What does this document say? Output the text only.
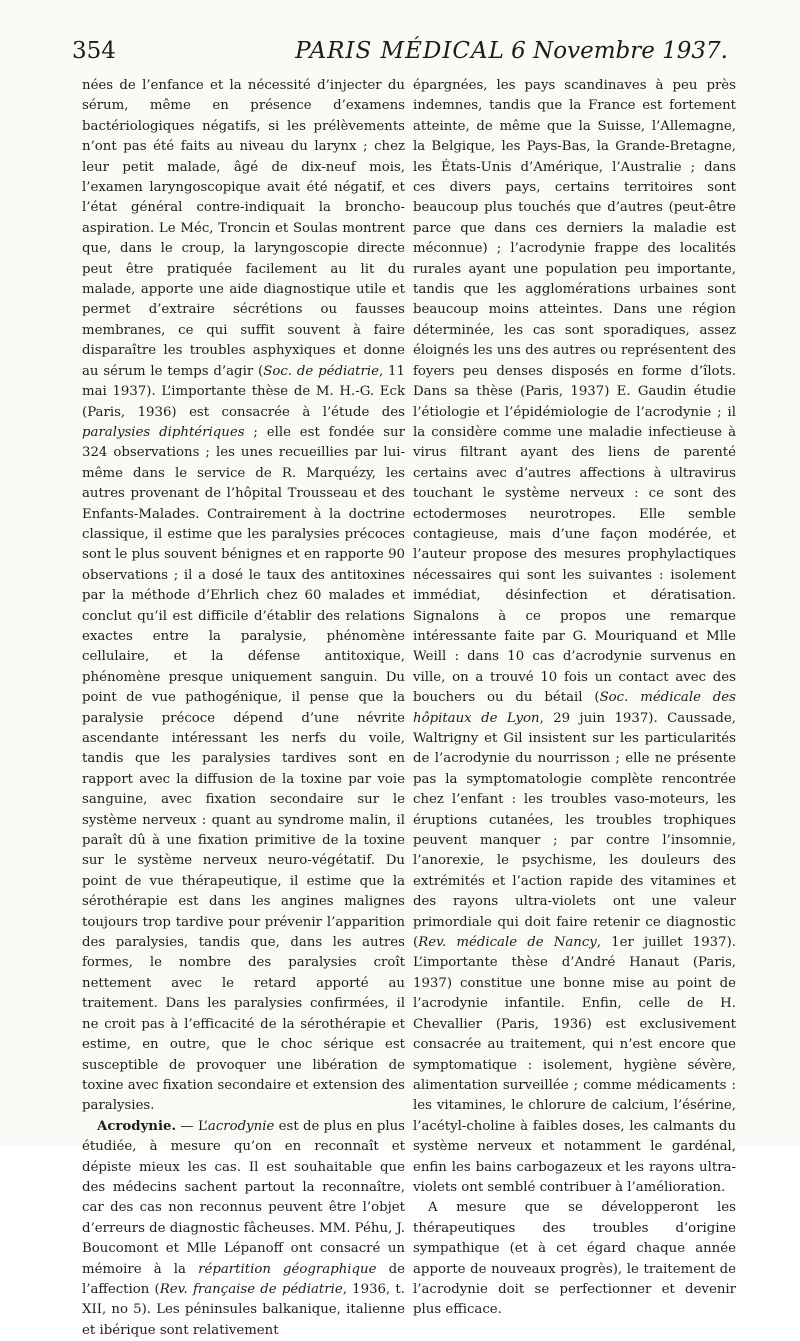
PARIS MÉDICAL
354	6 Novembre 1937.

nées de l’enfance et la nécessité d’injecter du sérum, même en présence d’examens bactériologiques négatifs, si les prélèvements n’ont pas été faits au niveau du larynx ; chez leur petit malade, âgé de dix-neuf mois, l’examen laryngoscopique avait été négatif, et l’état général contre-indiquait la broncho-aspiration. Le Méc, Troncin et Soulas montrent que, dans le croup, la laryngoscopie directe peut être pratiquée facilement au lit du malade, apporte une aide diagnostique utile et permet d’extraire sécrétions ou fausses membranes, ce qui suffit souvent à faire disparaître les troubles asphyxiques et donne au sérum le temps d’agir (Soc. de pédiatrie, 11 mai 1937). L’importante thèse de M. H.-G. Eck (Paris, 1936) est consacrée à l’étude des paralysies diphtériques ; elle est fondée sur 324 observations ; les unes recueillies par lui-même dans le service de R. Marquézy, les autres provenant de l’hôpital Trousseau et des Enfants-Malades. Contrairement à la doctrine classique, il estime que les paralysies précoces sont le plus souvent bénignes et en rapporte 90 observations ; il a dosé le taux des antitoxines par la méthode d’Ehrlich chez 60 malades et conclut qu’il est difficile d’établir des relations exactes entre la paralysie, phénomène cellulaire, et la défense antitoxique, phénomène presque uniquement sanguin. Du point de vue pathogénique, il pense que la paralysie précoce dépend d’une névrite ascendante intéressant les nerfs du voile, tandis que les paralysies tardives sont en rapport avec la diffusion de la toxine par voie sanguine, avec fixation secondaire sur le système nerveux : quant au syndrome malin, il paraît dû à une fixation primitive de la toxine sur le système nerveux neuro-végétatif. Du point de vue thérapeutique, il estime que la sérothérapie est dans les angines malignes toujours trop tardive pour prévenir l’apparition des paralysies, tandis que, dans les autres formes, le nombre des paralysies croît nettement avec le retard apporté au traitement. Dans les paralysies confirmées, il ne croit pas à l’efficacité de la sérothérapie et estime, en outre, que le choc sérique est susceptible de provoquer une libération de toxine avec fixation secondaire et extension des paralysies.

Acrodynie. — L’acrodynie est de plus en plus étudiée, à mesure qu’on en reconnaît et dépiste mieux les cas. Il est souhaitable que des médecins sachent partout la reconnaître, car des cas non reconnus peuvent être l’objet d’erreurs de diagnostic fâcheuses. MM. Péhu, J. Boucomont et Mlle Lépanoff ont consacré un mémoire à la répartition géographique de l’affection (Rev. française de pédiatrie, 1936, t. XII, no 5). Les péninsules balkanique, italienne et ibérique sont relativement

épargnées, les pays scandinaves à peu près indemnes, tandis que la France est fortement atteinte, de même que la Suisse, l’Allemagne, la Belgique, les Pays-Bas, la Grande-Bretagne, les États-Unis d’Amérique, l’Australie ; dans ces divers pays, certains territoires sont beaucoup plus touchés que d’autres (peut-être parce que dans ces derniers la maladie est méconnue) ; l’acrodynie frappe des localités rurales ayant une population peu importante, tandis que les agglomérations urbaines sont beaucoup moins atteintes. Dans une région déterminée, les cas sont sporadiques, assez éloignés les uns des autres ou représentent des foyers peu denses disposés en forme d’îlots. Dans sa thèse (Paris, 1937) E. Gaudin étudie l’étiologie et l’épidémiologie de l’acrodynie ; il la considère comme une maladie infectieuse à virus filtrant ayant des liens de parenté certains avec d’autres affections à ultravirus touchant le système nerveux : ce sont des ectodermoses neurotropes. Elle semble contagieuse, mais d’une façon modérée, et l’auteur propose des mesures prophylactiques nécessaires qui sont les suivantes : isolement immédiat, désinfection et dératisation. Signalons à ce propos une remarque intéressante faite par G. Mouriquand et Mlle Weill : dans 10 cas d’acrodynie survenus en ville, on a trouvé 10 fois un contact avec des bouchers ou du bétail (Soc. médicale des hôpitaux de Lyon, 29 juin 1937). Caussade, Waltrigny et Gil insistent sur les particularités de l’acrodynie du nourrisson ; elle ne présente pas la symptomatologie complète rencontrée chez l’enfant : les troubles vaso-moteurs, les éruptions cutanées, les troubles trophiques peuvent manquer ; par contre l’insomnie, l’anorexie, le psychisme, les douleurs des extrémités et l’action rapide des vitamines et des rayons ultra-violets ont une valeur primordiale qui doit faire retenir ce diagnostic (Rev. médicale de Nancy, 1er juillet 1937). L’importante thèse d’André Hanaut (Paris, 1937) constitue une bonne mise au point de l’acrodynie infantile. Enfin, celle de H. Chevallier (Paris, 1936) est exclusivement consacrée au traitement, qui n’est encore que symptomatique : isolement, hygiène sévère, alimentation surveillée ; comme médicaments : les vitamines, le chlorure de calcium, l’ésérine, l’acétyl-choline à faibles doses, les calmants du système nerveux et notamment le gardénal, enfin les bains carbogazeux et les rayons ultra-violets ont semblé contribuer à l’amélioration.

A mesure que se développeront les thérapeutiques des troubles d’origine sympathique (et à cet égard chaque année apporte de nouveaux progrès), le traitement de l’acrodynie doit se perfectionner et devenir plus efficace.
